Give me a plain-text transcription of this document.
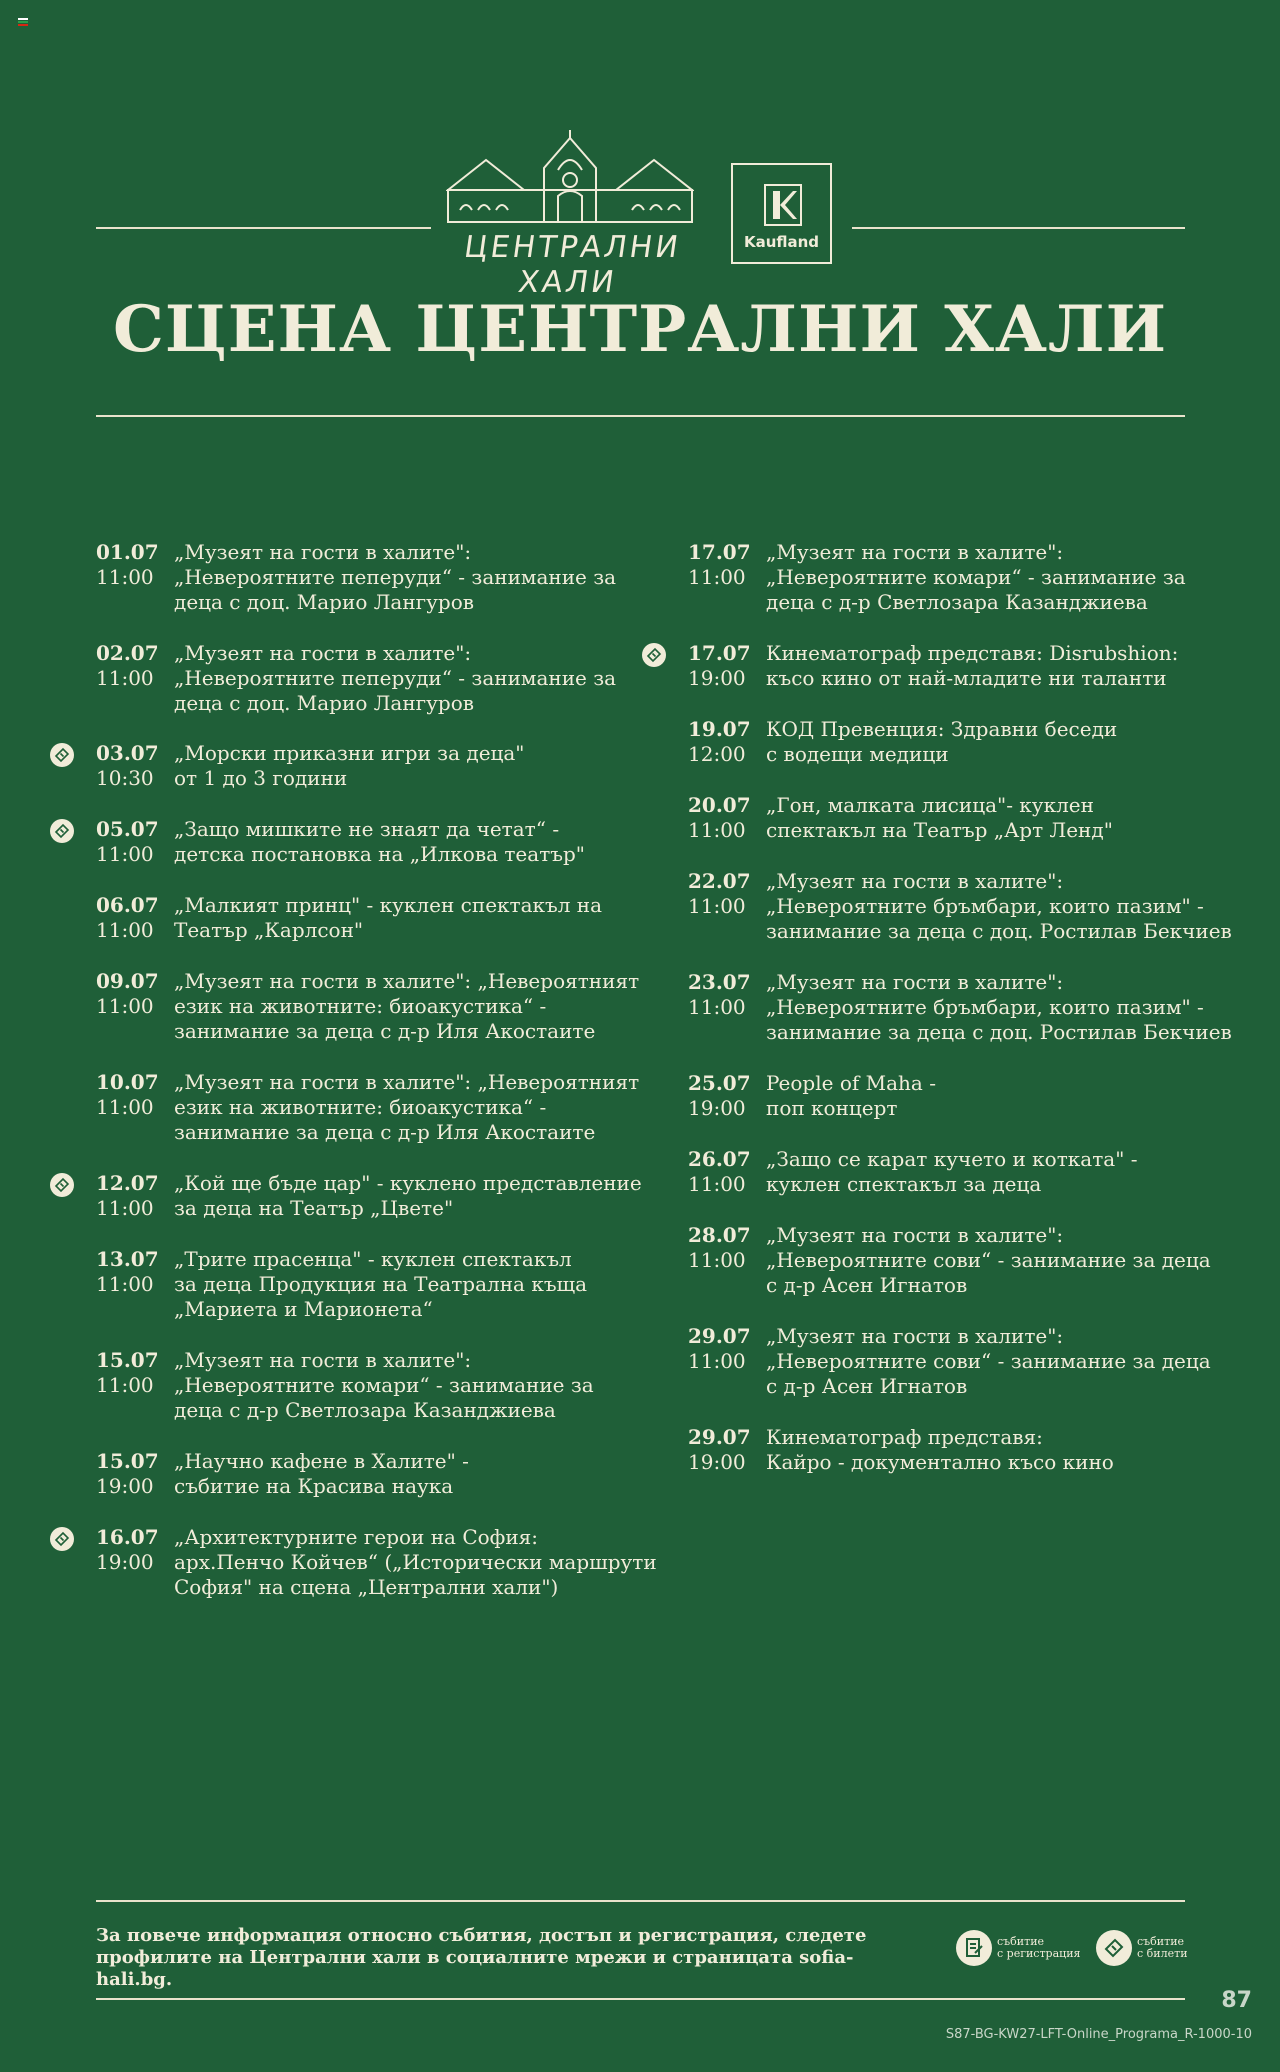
ЦЕНТРАЛНИ ХАЛИ
Kaufland
СЦЕНА ЦЕНТРАЛНИ ХАЛИ
01.07
11:00
„Музеят на гости в халите":
„Невероятните пеперуди“ - занимание за
деца с доц. Марио Лангуров
02.07
11:00
„Музеят на гости в халите":
„Невероятните пеперуди“ - занимание за
деца с доц. Марио Лангуров
03.07
10:30
„Морски приказни игри за деца"
от 1 до 3 години
05.07
11:00
„Защо мишките не знаят да четат“ -
детска постановка на „Илкова театър"
06.07
11:00
„Малкият принц" - куклен спектакъл на
Театър „Карлсон"
09.07
11:00
„Музеят на гости в халите": „Невероятният
език на животните: биоакустика“ -
занимание за деца с д-р Иля Акостаите
10.07
11:00
„Музеят на гости в халите": „Невероятният
език на животните: биоакустика“ -
занимание за деца с д-р Иля Акостаите
12.07
11:00
„Кой ще бъде цар" - куклено представление
за деца на Театър „Цвете"
13.07
11:00
„Трите прасенца" - куклен спектакъл
за деца Продукция на Театрална къща
„Мариета и Марионета“
15.07
11:00
„Музеят на гости в халите":
„Невероятните комари“ - занимание за
деца с д-р Светлозара Казанджиева
15.07
19:00
„Научно кафене в Халите" -
събитие на Красива наука
16.07
19:00
„Архитектурните герои на София:
арх.Пенчо Койчев“ („Исторически маршрути
София" на сцена „Централни хали")
17.07
11:00
„Музеят на гости в халите":
„Невероятните комари“ - занимание за
деца с д-р Светлозара Казанджиева
17.07
19:00
Кинематограф представя: Disrubshion:
късо кино от най-младите ни таланти
19.07
12:00
КОД Превенция: Здравни беседи
с водещи медици
20.07
11:00
„Гон, малката лисица"- куклен
спектакъл на Театър „Арт Ленд"
22.07
11:00
„Музеят на гости в халите":
„Невероятните бръмбари, които пазим" -
занимание за деца с доц. Ростилав Бекчиев
23.07
11:00
„Музеят на гости в халите":
„Невероятните бръмбари, които пазим" -
занимание за деца с доц. Ростилав Бекчиев
25.07
19:00
People of Maha -
поп концерт
26.07
11:00
„Защо се карат кучето и котката" -
куклен спектакъл за деца
28.07
11:00
„Музеят на гости в халите":
„Невероятните сови“ - занимание за деца
с д-р Асен Игнатов
29.07
11:00
„Музеят на гости в халите":
„Невероятните сови“ - занимание за деца
с д-р Асен Игнатов
29.07
19:00
Кинематограф представя:
Кайро - документално късо кино
За повече информация относно събития, достъп и регистрация, следете профилите на Централни хали в социалните мрежи и страницата sofia-hali.bg.
събитие
с регистрация
събитие
с билети
87
S87-BG-KW27-LFT-Online_Programa_R-1000-10
